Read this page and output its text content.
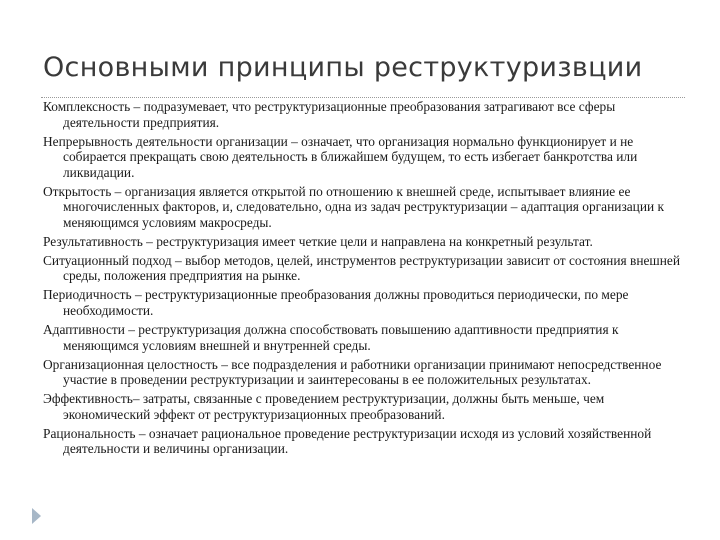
Основными принципы реструктуризвции

Комплексность – подразумевает, что реструктуризационные преобразования затрагивают все сферы деятельности предприятия.

Непрерывность деятельности организации – означает, что организация нормально функционирует и не собирается прекращать свою деятельность в ближайшем будущем, то есть избегает банкротства или ликвидации.

Открытость – организация является открытой по отношению к внешней среде, испытывает влияние ее многочисленных факторов, и, следовательно, одна из задач реструктуризации – адаптация организации к меняющимся условиям макросреды.

Результативность – реструктуризация имеет четкие цели и направлена на конкретный результат.

Ситуационный подход – выбор методов, целей, инструментов реструктуризации зависит от состояния внешней среды, положения предприятия на рынке.

Периодичность – реструктуризационные преобразования должны проводиться периодически, по мере необходимости.

Адаптивности – реструктуризация должна способствовать повышению адаптивности предприятия к меняющимся условиям внешней и внутренней среды.

Организационная целостность – все подразделения и работники организации принимают непосредственное участие в проведении реструктуризации и заинтересованы в ее положительных результатах.

Эффективность– затраты, связанные с проведением реструктуризации, должны быть меньше, чем экономический эффект от реструктуризационных преобразований.

Рациональность – означает рациональное проведение реструктуризации исходя из условий хозяйственной деятельности и величины организации.
